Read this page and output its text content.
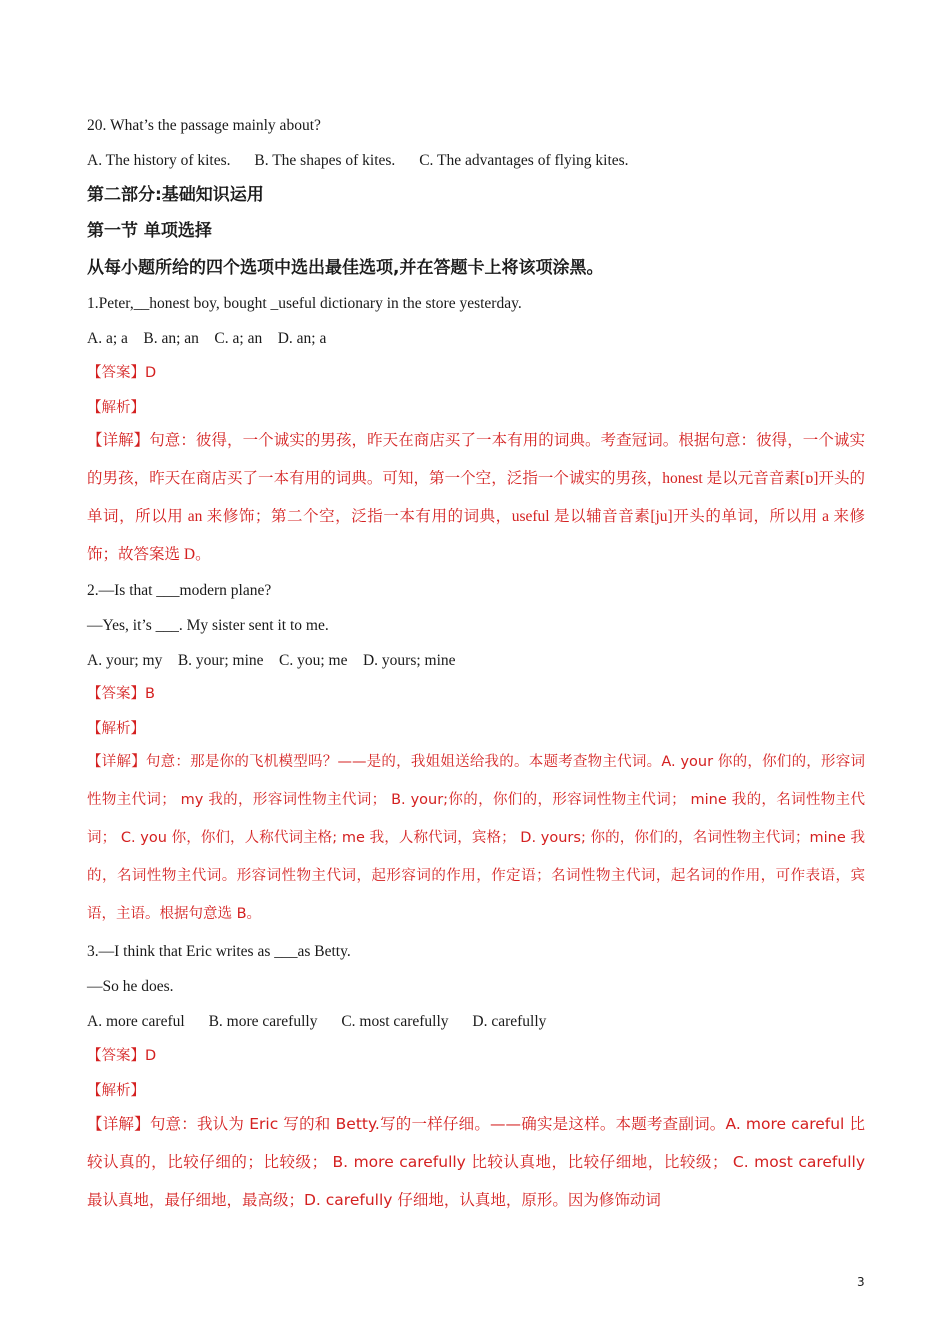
20. What’s the passage mainly about?
A. The history of kites. B. The shapes of kites. C. The advantages of flying kites.
第二部分:基础知识运用
第一节 单项选择
从每小题所给的四个选项中选出最佳选项,并在答题卡上将该项涂黑。
1.Peter,__honest boy, bought _useful dictionary in the store yesterday.
A. a; a    B. an; an    C. a; an    D. an; a
【答案】D
【解析】
【详解】句意：彼得，一个诚实的男孩，昨天在商店买了一本有用的词典。考查冠词。根据句意：彼得，一个诚实的男孩，昨天在商店买了一本有用的词典。可知，第一个空，泛指一个诚实的男孩，honest 是以元音音素[ɒ]开头的单词，所以用 an 来修饰；第二个空，泛指一本有用的词典，useful 是以辅音音素[ju]开头的单词，所以用 a 来修饰；故答案选 D。
2.—Is that ___modern plane?
—Yes, it’s ___. My sister sent it to me.
A. your; my    B. your; mine    C. you; me    D. yours; mine
【答案】B
【解析】
【详解】句意：那是你的飞机模型吗？——是的，我姐姐送给我的。本题考查物主代词。A. your 你的，你们的，形容词性物主代词； my 我的，形容词性物主代词； B. your;你的，你们的，形容词性物主代词； mine 我的，名词性物主代词； C. you 你，你们，人称代词主格; me 我，人称代词，宾格； D. yours; 你的，你们的，名词性物主代词；mine 我的，名词性物主代词。形容词性物主代词，起形容词的作用，作定语；名词性物主代词，起名词的作用，可作表语，宾语，主语。根据句意选 B。
3.—I think that Eric writes as ___as Betty.
—So he does.
A. more careful B. more carefully C. most carefully D. carefully
【答案】D
【解析】
【详解】句意：我认为 Eric 写的和 Betty.写的一样仔细。——确实是这样。本题考查副词。A. more careful 比较认真的，比较仔细的；比较级； B. more carefully 比较认真地，比较仔细地，比较级； C. most carefully 最认真地，最仔细地，最高级；D. carefully 仔细地，认真地，原形。因为修饰动词
3
